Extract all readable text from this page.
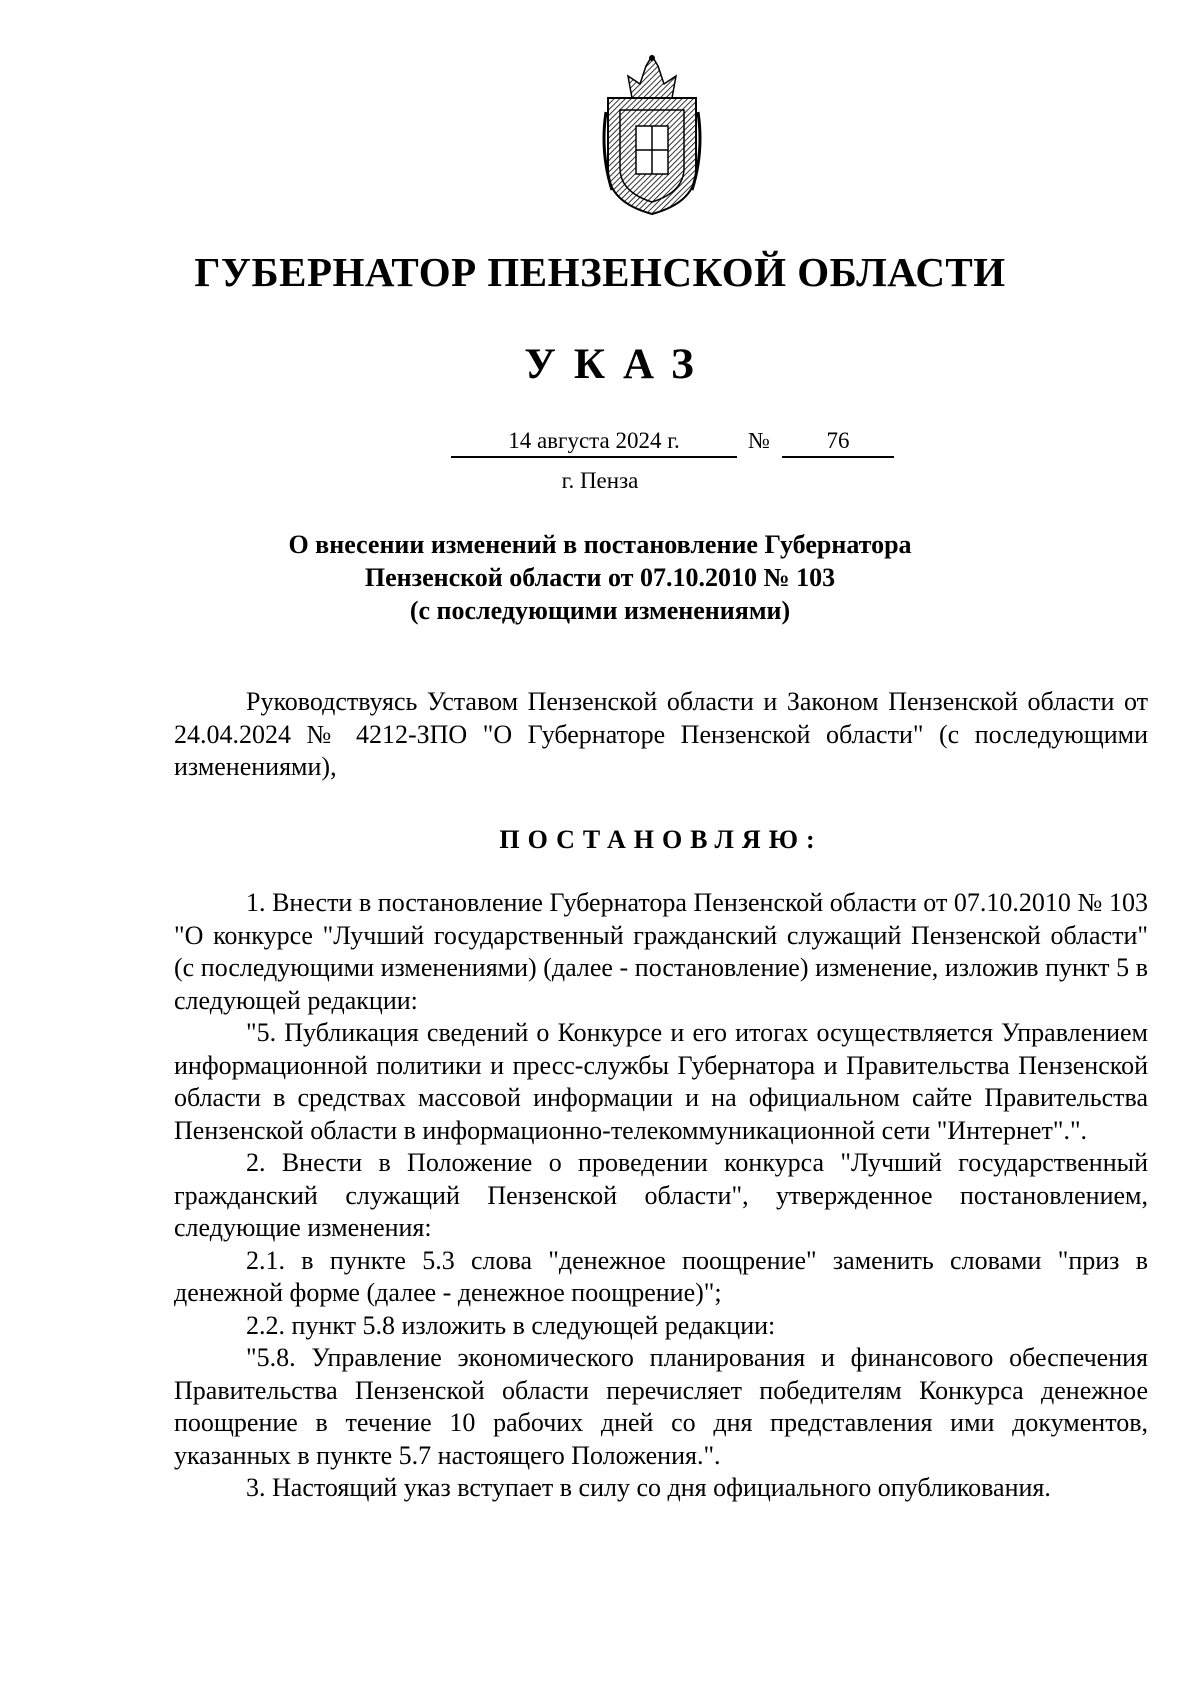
ГУБЕРНАТОР ПЕНЗЕНСКОЙ ОБЛАСТИ
УКАЗ
14 августа 2024 г.	№	76
г. Пенза
О внесении изменений в постановление Губернатора
Пензенской области от 07.10.2010 № 103
(с последующими изменениями)

Руководствуясь Уставом Пензенской области и Законом Пензенской области от 24.04.2024 № 4212-ЗПО "О Губернаторе Пензенской области" (с последующими изменениями),

ПОСТАНОВЛЯЮ:

1. Внести в постановление Губернатора Пензенской области от 07.10.2010 № 103 "О конкурсе "Лучший государственный гражданский служащий Пензенской области" (с последующими изменениями) (далее - постановление) изменение, изложив пункт 5 в следующей редакции:

"5. Публикация сведений о Конкурсе и его итогах осуществляется Управлением информационной политики и пресс-службы Губернатора и Правительства Пензенской области в средствах массовой информации и на официальном сайте Правительства Пензенской области в информационно-телекоммуникационной сети "Интернет".".

2. Внести в Положение о проведении конкурса "Лучший государственный гражданский служащий Пензенской области", утвержденное постановлением, следующие изменения:

2.1. в пункте 5.3 слова "денежное поощрение" заменить словами "приз в денежной форме (далее - денежное поощрение)";

2.2. пункт 5.8 изложить в следующей редакции:

"5.8. Управление экономического планирования и финансового обеспечения Правительства Пензенской области перечисляет победителям Конкурса денежное поощрение в течение 10 рабочих дней со дня представления ими документов, указанных в пункте 5.7 настоящего Положения.".

3. Настоящий указ вступает в силу со дня официального опубликования.
